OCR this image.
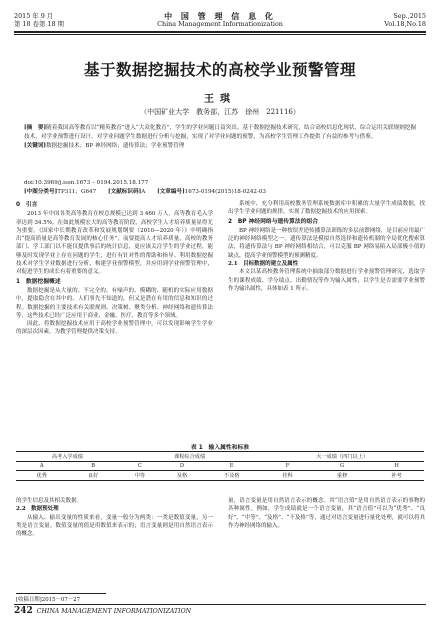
2015 年 9 月
第 18 卷第 18 期
中 国 管 理 信 息 化
China Management Informationization
Sep.,2015
Vol.18,No.18
基于数据挖掘技术的高校学业预警管理
王琪
（中国矿业大学　教务部，江苏　徐州　221116）

[摘　要]随着我国高等教育以“精英教育”进入“大众化教育”，学生的学业问题日益突出。基于数据挖掘技术研究，结合高校信息化现状，综合运用关联规则挖掘技术，对学业预警进行设计，对学业问题学生数据进行分析与挖掘，实现了对学业问题的预警，为高校学生管理工作提供了有益的参考与借鉴。

[关键词]数据挖掘技术；BP 神经网络；遗传算法；学业预警管理

doi:10.3969/j.issn.1673 – 0194.2015.18.177
[中图分类号]TP311；G647 [文献标识码]A [文章编号]1673-0194(2015)18-0242-03
0　引言

2013 年中国各类高等教育在校总规模已达到 3 460 万人，高等教育毛入学率达到 34.5%。在如此规模宏大的高等教育阶段，高校学生人才培养质量显得尤为重要。《国家中长期教育改革和发展规划纲要（2010—2020 年）》中明确指出“提高质量是高等教育发展的核心任务”，而要提高人才培养质量，高校的教务部门、学工部门以不能仅提供事后的统计信息，更应该关注学生的学业过程，能够及时发现学业上存在问题的学生，进行有针对性的帮助和指导。利用数据挖掘技术对学生学业数据进行分析，构建学业预警模型，并应用到学业预警管理中，对促进学生的成长有着重要的意义。

1　数据挖掘概述

数据挖掘是从大量的、不完全的、有噪声的、模糊的、随机的实际应用数据中，提取隐含在其中的、人们事先不知道的，但又是潜在有用的信息和知识的过程。数据挖掘的主要技术有关联规则、决策树、聚类分析、神经网络和遗传算法等，这些技术已经广泛应用于商业、金融、医疗、教育等多个领域。

因此，将数据挖掘技术应用于高校学业预警管理中，可以发现影响学生学业的深层次因素，为教学管理提供决策支持。

系统中，充分利用高校教务管理系统数据库中积累的大量学生成绩数据，找出学生学业问题的规律，实现了数据挖掘技术的应用探索。

2　BP 神经网络与遗传算法的组合

BP 神经网络是一种按误差逆传播算法训练的多层前馈网络，是目前应用最广泛的神经网络模型之一。遗传算法是模拟自然选择和遗传机制的全局优化搜索算法，将遗传算法与 BP 神经网络相结合，可以克服 BP 网络易陷入局部极小值的缺点，提高学业预警模型的预测精度。

2.1　目标数据的建立及属性

本文以某高校教务管理系统中抽取部分数据进行学业预警管理研究，选取学生的课程成绩、学分绩点、出勤情况等作为输入属性，以学生是否需要学业预警作为输出属性，具体如表 1 所示。

表 1　输入属性和标准
高考入学成绩		课程综合成绩			大一成绩（四门以上）		
A	B	C	D	E	F	G	H
优秀	良好	中等	及格	不及格	挂科	重修	补考

的学生信息及其相关数据。

2.2　数据预处理

从输入、输出变量的性质来看，变量一般分为两类：一类是数值变量，另一类是语言变量。数值变量的值是用数值来表示的；语言变量则是用自然语言表示的概念。

量，语言变量是用自然语言表示的概念。其“语言值”是用自然语言表示的事物的各种属性。例如，学生成绩就是一个语言变量，其“语言值”可以为“优秀”、“良好”、“中等”、“及格”、“不及格”等，通过对语言变量进行量化处理，就可以将其作为神经网络的输入。

[收稿日期]2015－07－27
242 CHINA MANAGEMENT INFORMATIONIZATION
